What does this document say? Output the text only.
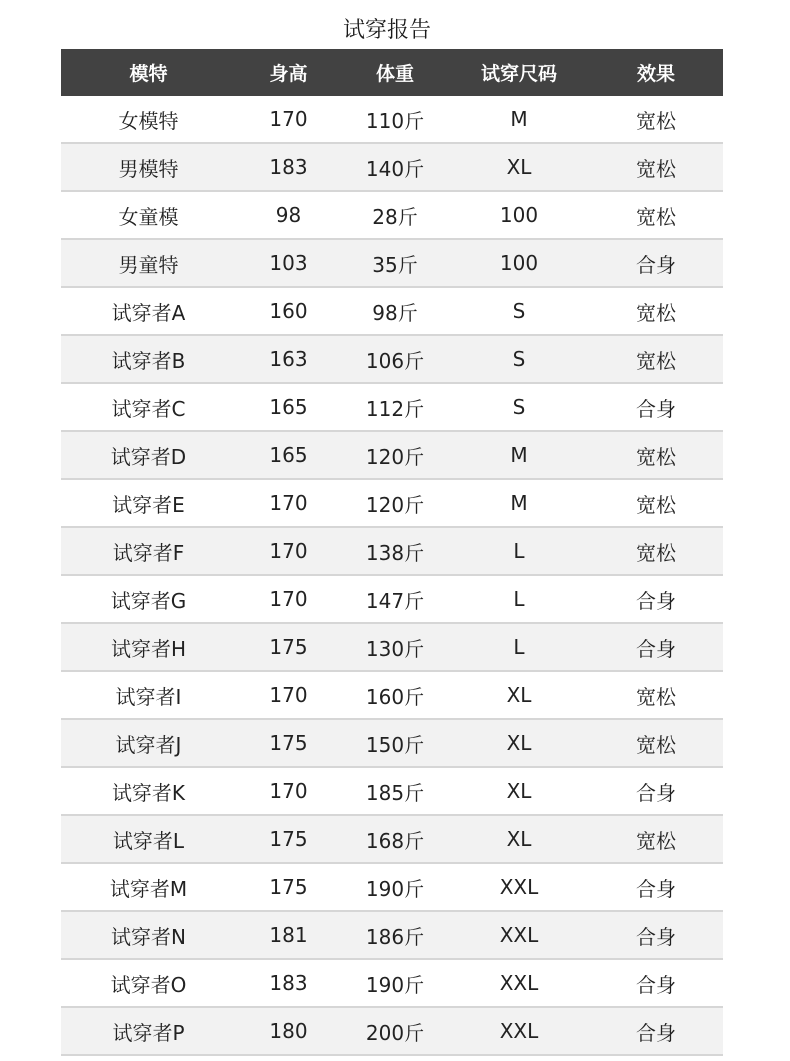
试穿报告
模特	身高	体重	试穿尺码	效果
女模特	170	110斤	M	宽松
男模特	183	140斤	XL	宽松
女童模	98	28斤	100	宽松
男童特	103	35斤	100	合身
试穿者A	160	98斤	S	宽松
试穿者B	163	106斤	S	宽松
试穿者C	165	112斤	S	合身
试穿者D	165	120斤	M	宽松
试穿者E	170	120斤	M	宽松
试穿者F	170	138斤	L	宽松
试穿者G	170	147斤	L	合身
试穿者H	175	130斤	L	合身
试穿者I	170	160斤	XL	宽松
试穿者J	175	150斤	XL	宽松
试穿者K	170	185斤	XL	合身
试穿者L	175	168斤	XL	宽松
试穿者M	175	190斤	XXL	合身
试穿者N	181	186斤	XXL	合身
试穿者O	183	190斤	XXL	合身
试穿者P	180	200斤	XXL	合身
